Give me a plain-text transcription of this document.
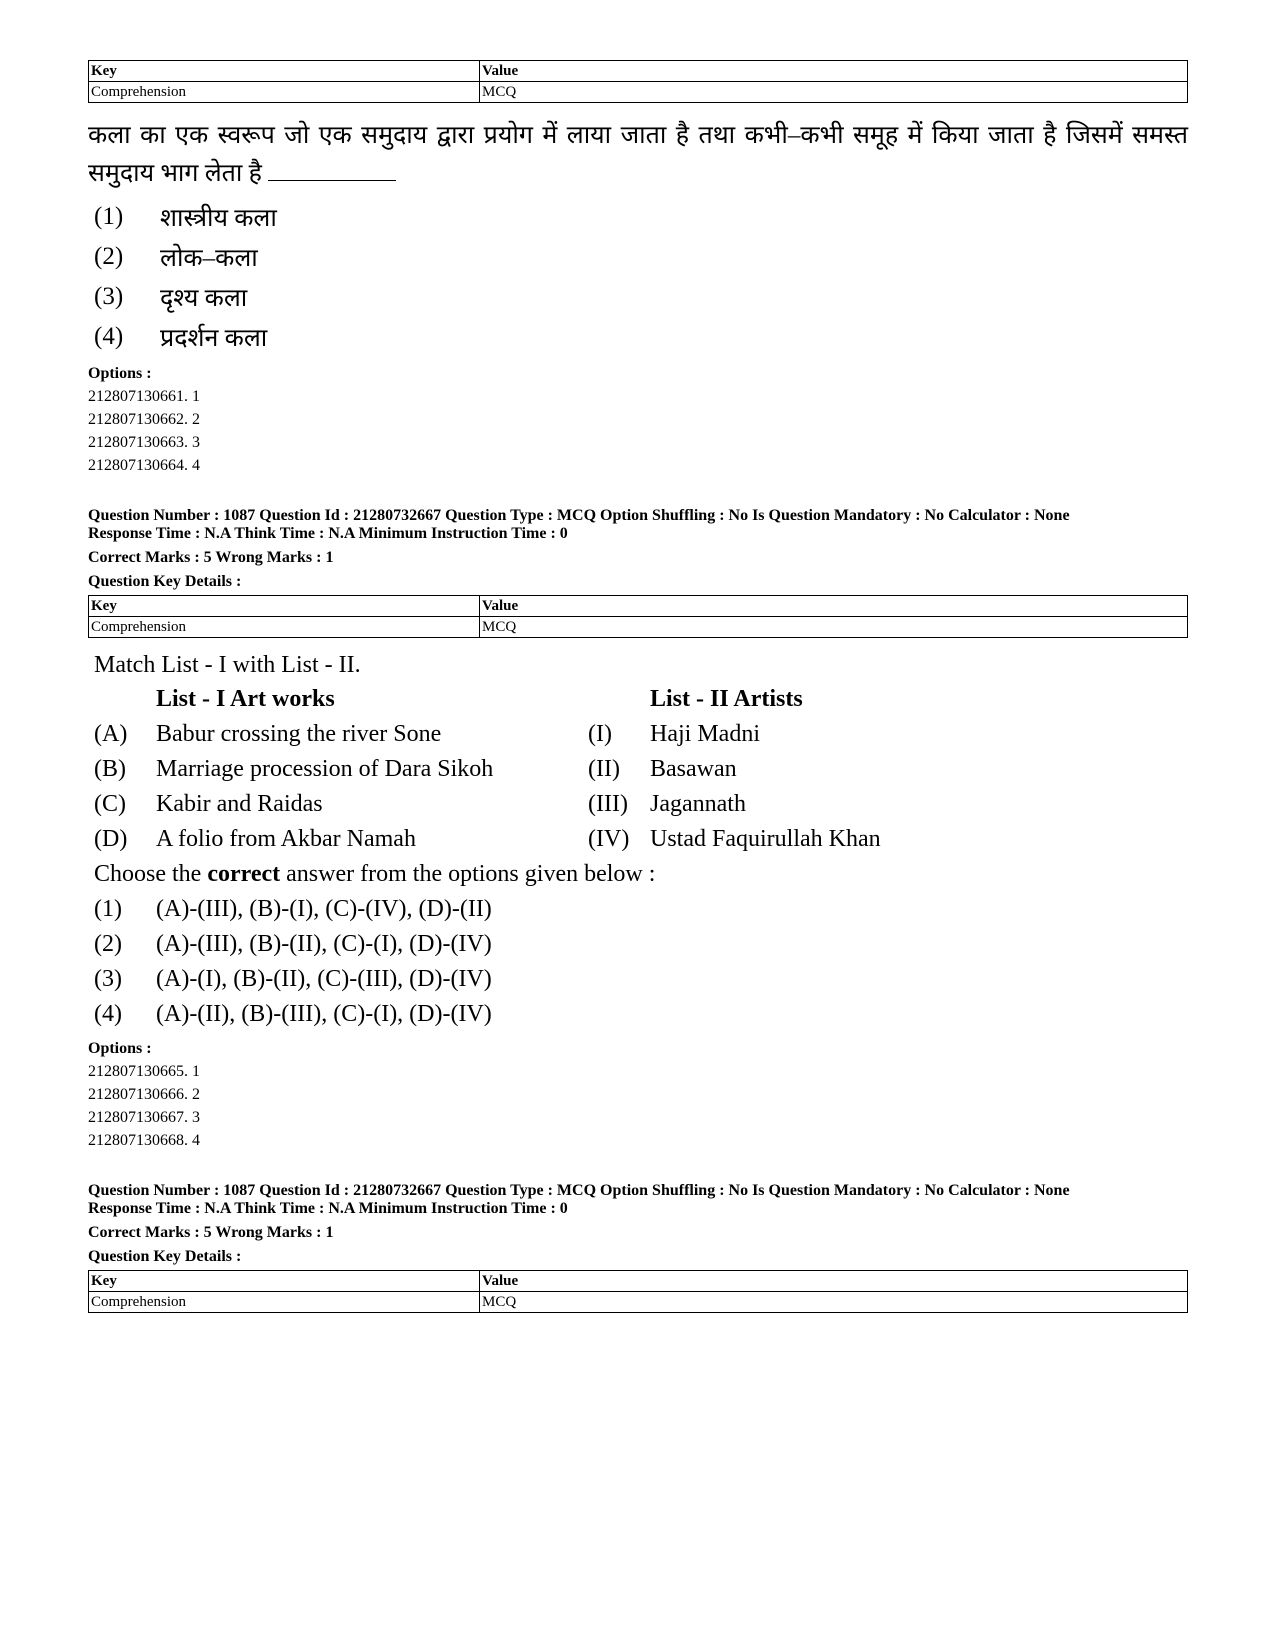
Key	Value
Comprehension	MCQ
कला का एक स्वरूप जो एक समुदाय द्वारा प्रयोग में लाया जाता है तथा कभी–कभी समूह में किया जाता है जिसमें समस्त समुदाय भाग लेता है
(1)	शास्त्रीय कला
(2)	लोक–कला
(3)	दृश्य कला
(4)	प्रदर्शन कला
Options :
212807130661. 1
212807130662. 2
212807130663. 3
212807130664. 4
Question Number : 1087 Question Id : 21280732667 Question Type : MCQ Option Shuffling : No Is Question Mandatory : No Calculator : None
Response Time : N.A Think Time : N.A Minimum Instruction Time : 0
Correct Marks : 5 Wrong Marks : 1
Question Key Details :
Key	Value
Comprehension	MCQ
Match List - I with List - II.
List - I Art works	List - II Artists
(A)	Babur crossing the river Sone	(I)	Haji Madni
(B)	Marriage procession of Dara Sikoh	(II)	Basawan
(C)	Kabir and Raidas	(III) Jagannath
(D)	A folio from Akbar Namah	(IV) Ustad Faquirullah Khan
Choose the correct answer from the options given below :
(1)	(A)-(III), (B)-(I), (C)-(IV), (D)-(II)
(2)	(A)-(III), (B)-(II), (C)-(I), (D)-(IV)
(3)	(A)-(I), (B)-(II), (C)-(III), (D)-(IV)
(4)	(A)-(II), (B)-(III), (C)-(I), (D)-(IV)
Options :
212807130665. 1
212807130666. 2
212807130667. 3
212807130668. 4
Question Number : 1087 Question Id : 21280732667 Question Type : MCQ Option Shuffling : No Is Question Mandatory : No Calculator : None
Response Time : N.A Think Time : N.A Minimum Instruction Time : 0
Correct Marks : 5 Wrong Marks : 1
Question Key Details :
Key	Value
Comprehension	MCQ
